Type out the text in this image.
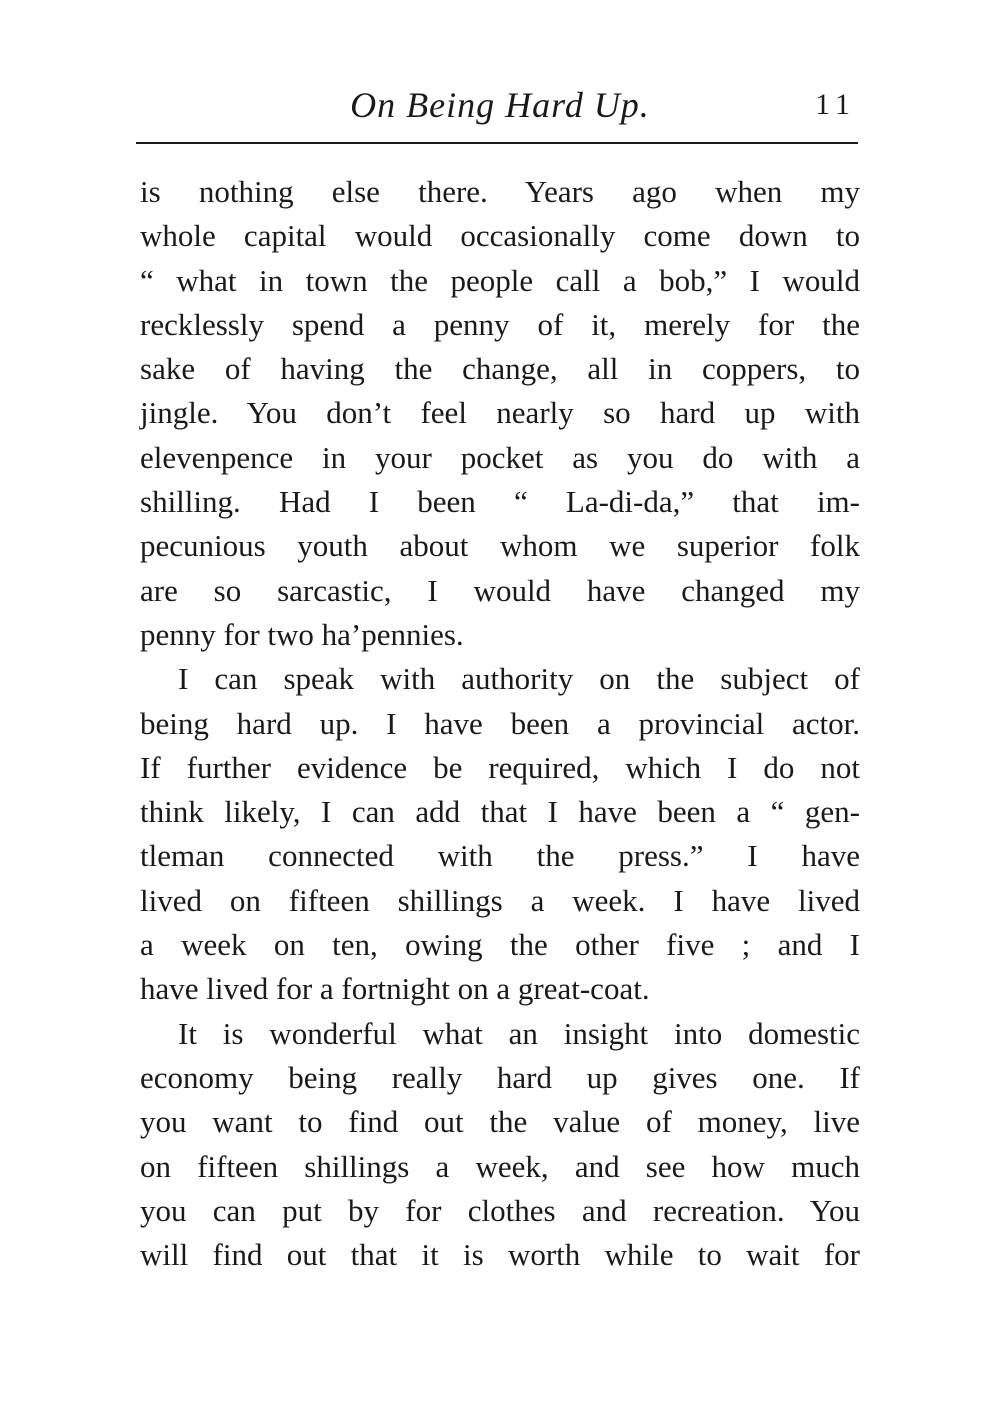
On Being Hard Up.	11

is nothing else there. Years ago when my
whole capital would occasionally come down to
“ what in town the people call a bob,” I would
recklessly spend a penny of it, merely for the
sake of having the change, all in coppers, to
jingle. You don’t feel nearly so hard up with
elevenpence in your pocket as you do with a
shilling. Had I been “ La-di-da,” that im-
pecunious youth about whom we superior folk
are so sarcastic, I would have changed my
penny for two ha’pennies.

I can speak with authority on the subject of
being hard up. I have been a provincial actor.
If further evidence be required, which I do not
think likely, I can add that I have been a “ gen-
tleman connected with the press.” I have
lived on fifteen shillings a week. I have lived
a week on ten, owing the other five ; and I
have lived for a fortnight on a great-coat.

It is wonderful what an insight into domestic
economy being really hard up gives one. If
you want to find out the value of money, live
on fifteen shillings a week, and see how much
you can put by for clothes and recreation. You
will find out that it is worth while to wait for
